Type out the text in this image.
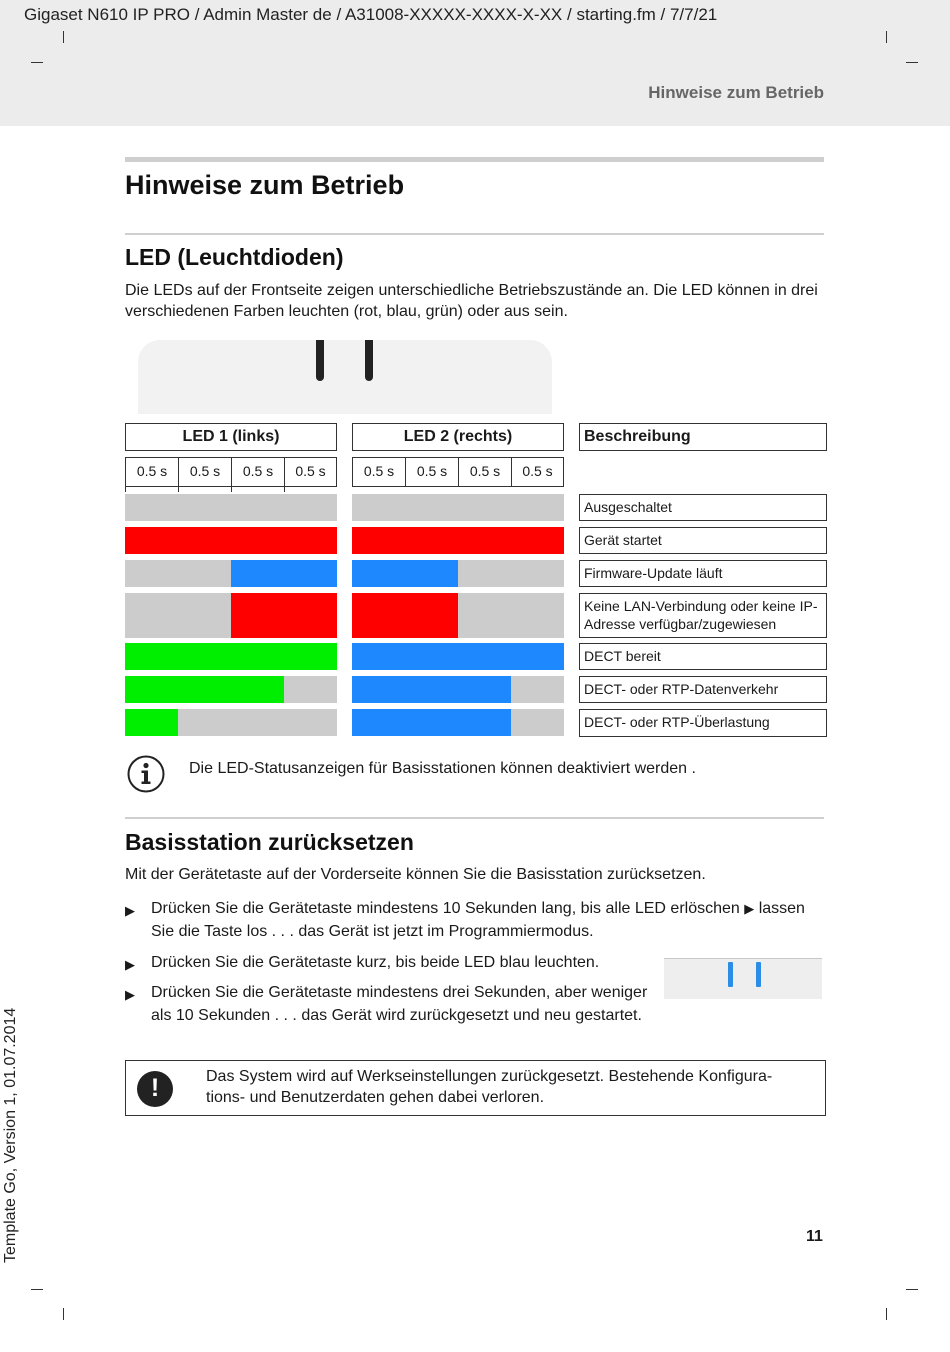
Gigaset N610 IP PRO / Admin Master de / A31008-XXXXX-XXXX-X-XX / starting.fm / 7/7/21
Hinweise zum Betrieb
Hinweise zum Betrieb
LED (Leuchtdioden)
Die LEDs auf der Frontseite zeigen unterschiedliche Betriebszustände an. Die LED können in drei verschiedenen Farben leuchten (rot, blau, grün) oder aus sein.
LED 1 (links)	LED 2 (rechts)	Beschreibung
0.5 s	0.5 s	0.5 s	0.5 s	0.5 s	0.5 s	0.5 s	0.5 s
Ausgeschaltet
Gerät startet
Firmware-Update läuft
Keine LAN-Verbindung oder keine IP-Adresse verfügbar/zugewiesen
DECT bereit
DECT- oder RTP-Datenverkehr
DECT- oder RTP-Überlastung
Die LED-Statusanzeigen für Basisstationen können deaktiviert werden .
Basisstation zurücksetzen
Mit der Gerätetaste auf der Vorderseite können Sie die Basisstation zurücksetzen.
▶ Drücken Sie die Gerätetaste mindestens 10 Sekunden lang, bis alle LED erlöschen ▶ lassen Sie die Taste los . . . das Gerät ist jetzt im Programmiermodus.
▶ Drücken Sie die Gerätetaste kurz, bis beide LED blau leuchten.
▶ Drücken Sie die Gerätetaste mindestens drei Sekunden, aber weniger als 10 Sekunden . . . das Gerät wird zurückgesetzt und neu gestartet.
!	Das System wird auf Werkseinstellungen zurückgesetzt. Bestehende Konfigura-tions- und Benutzerdaten gehen dabei verloren.
11
Template Go, Version 1, 01.07.2014
